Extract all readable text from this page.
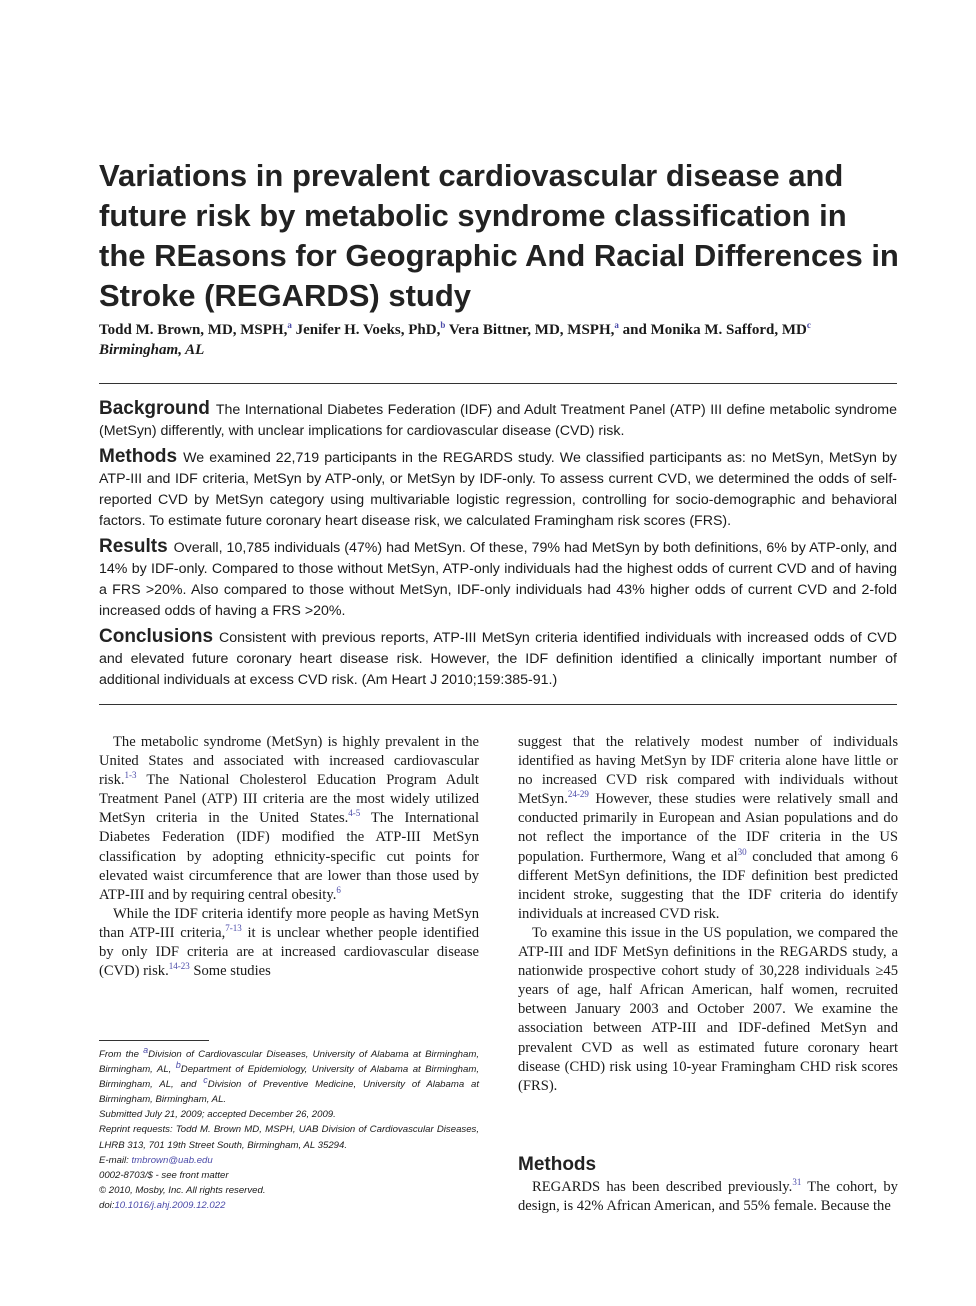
Variations in prevalent cardiovascular disease and future risk by metabolic syndrome classification in the REasons for Geographic And Racial Differences in Stroke (REGARDS) study
Todd M. Brown, MD, MSPH,$^a$ Jenifer H. Voeks, PhD,$^b$ Vera Bittner, MD, MSPH,$^a$ and Monika M. Safford, $MD^c$
Birmingham, AL

Background The International Diabetes Federation (IDF) and Adult Treatment Panel (ATP) III define metabolic syndrome (MetSyn) differently, with unclear implications for cardiovascular disease (CVD) risk.

Methods We examined 22,719 participants in the REGARDS study. We classified participants as: no MetSyn, MetSyn by ATP-III and IDF criteria, MetSyn by ATP-only, or MetSyn by IDF-only. To assess current CVD, we determined the odds of self-reported CVD by MetSyn category using multivariable logistic regression, controlling for socio-demographic and behavioral factors. To estimate future coronary heart disease risk, we calculated Framingham risk scores (FRS).

Results Overall, 10,785 individuals (47%) had MetSyn. Of these, 79% had MetSyn by both definitions, 6% by ATP-only, and 14% by IDF-only. Compared to those without MetSyn, ATP-only individuals had the highest odds of current CVD and of having a FRS >20%. Also compared to those without MetSyn, IDF-only individuals had 43% higher odds of current CVD and 2-fold increased odds of having a FRS >20%.

Conclusions Consistent with previous reports, ATP-III MetSyn criteria identified individuals with increased odds of CVD and elevated future coronary heart disease risk. However, the IDF definition identified a clinically important number of additional individuals at excess CVD risk. (Am Heart J 2010;159:385-91.)

The metabolic syndrome (MetSyn) is highly prevalent in the United States and associated with increased cardiovascular risk.$^{1-3}$ The National Cholesterol Education Program Adult Treatment Panel (ATP) III criteria are the most widely utilized MetSyn criteria in the United States.$^{4-5}$ The International Diabetes Federation (IDF) modified the ATP-III MetSyn classification by adopting ethnicity-specific cut points for elevated waist circumference that are lower than those used by ATP-III and by requiring central obesity.$^6$

While the IDF criteria identify more people as having MetSyn than ATP-III criteria,$^{7-13}$ it is unclear whether people identified by only IDF criteria are at increased cardiovascular disease (CVD) risk.$^{14-23}$ Some studies

From the $^a$Division of Cardiovascular Diseases, University of Alabama at Birmingham, Birmingham, AL, $^b$Department of Epidemiology, University of Alabama at Birmingham, Birmingham, AL, and $^c$Division of Preventive Medicine, University of Alabama at Birmingham, Birmingham, AL.

Submitted July 21, 2009; accepted December 26, 2009.

Reprint requests: Todd M. Brown MD, MSPH, UAB Division of Cardiovascular Diseases, LHRB 313, 701 19th Street South, Birmingham, AL 35294.

E-mail: tmbrown@uab.edu

0002-8703/$ - see front matter

© 2010, Mosby, Inc. All rights reserved.

doi:10.1016/j.ahj.2009.12.022

suggest that the relatively modest number of individuals identified as having MetSyn by IDF criteria alone have little or no increased CVD risk compared with individuals without MetSyn.$^{24-29}$ However, these studies were relatively small and conducted primarily in European and Asian populations and do not reflect the importance of the IDF criteria in the US population. Furthermore, Wang et $al^{30}$ concluded that among 6 different MetSyn definitions, the IDF definition best predicted incident stroke, suggesting that the IDF criteria do identify individuals at increased CVD risk.

To examine this issue in the US population, we compared the ATP-III and IDF MetSyn definitions in the REGARDS study, a nationwide prospective cohort study of 30,228 individuals ≥45 years of age, half African American, half women, recruited between January 2003 and October 2007. We examine the association between ATP-III and IDF-defined MetSyn and prevalent CVD as well as estimated future coronary heart disease (CHD) risk using 10-year Framingham CHD risk scores (FRS).

Methods

REGARDS has been described previously.$^{31}$ The cohort, by design, is 42% African American, and 55% female. Because the
